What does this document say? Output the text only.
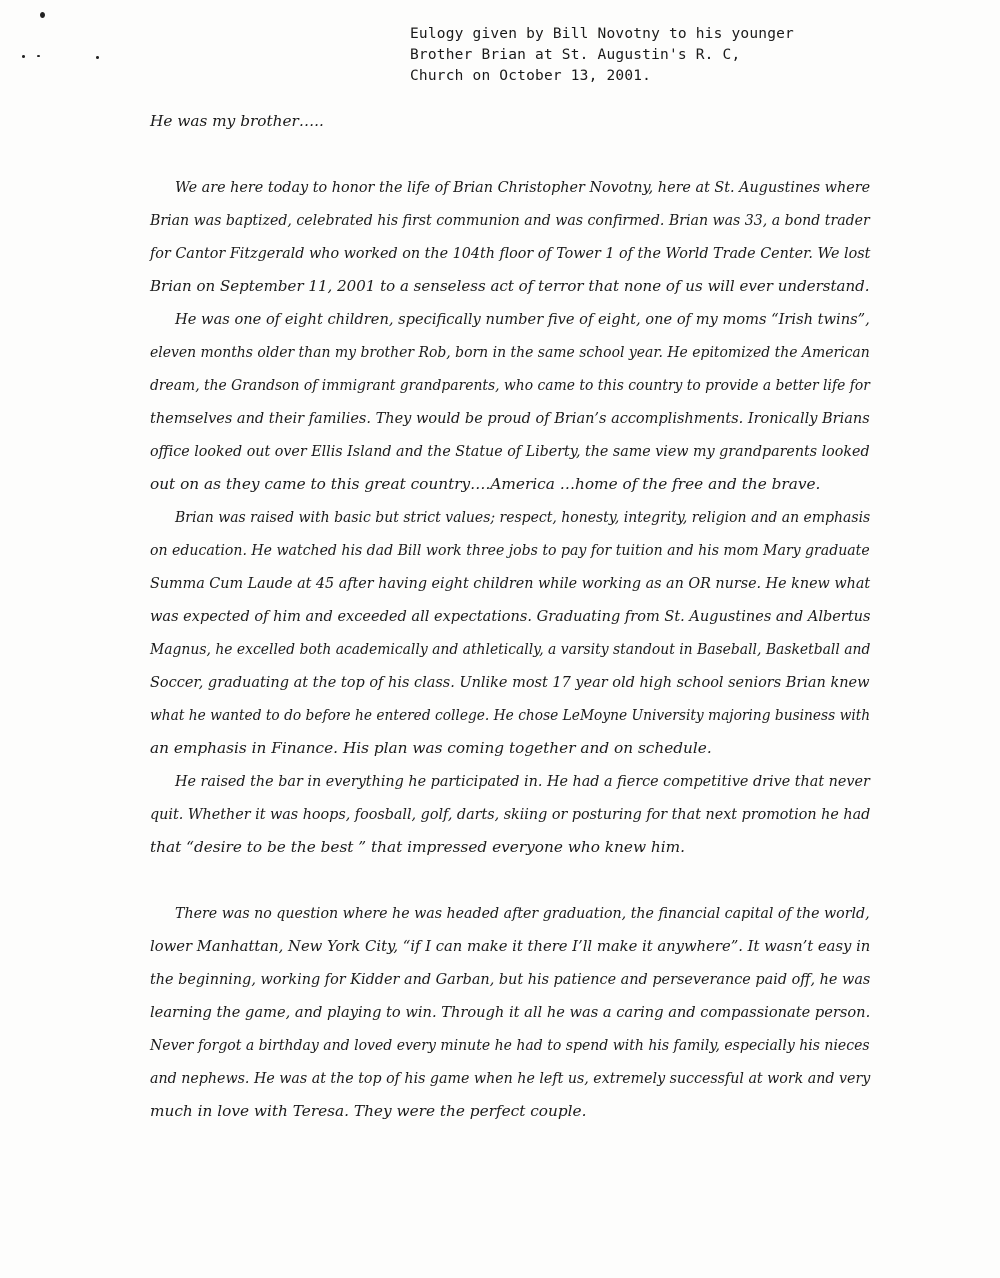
Eulogy given by Bill Novotny to his younger
Brother Brian at St. Augustin's R. C,
Church on October 13, 2001.
He was my brother…..
We are here today to honor the life of Brian Christopher Novotny, here at St. Augustines where
Brian was baptized, celebrated his first communion and was confirmed. Brian was 33, a bond trader
for Cantor Fitzgerald who worked on the 104th floor of Tower 1 of the World Trade Center. We lost
Brian on September 11, 2001 to a senseless act of terror that none of us will ever understand.
He was one of eight children, specifically number five of eight, one of my moms “Irish twins”,
eleven months older than my brother Rob, born in the same school year. He epitomized the American
dream, the Grandson of immigrant grandparents, who came to this country to provide a better life for
themselves and their families. They would be proud of Brian’s accomplishments. Ironically Brians
office looked out over Ellis Island and the Statue of Liberty, the same view my grandparents looked
out on as they came to this great country….America …home of the free and the brave.
Brian was raised with basic but strict values; respect, honesty, integrity, religion and an emphasis
on education. He watched his dad Bill work three jobs to pay for tuition and his mom Mary graduate
Summa Cum Laude at 45 after having eight children while working as an OR nurse. He knew what
was expected of him and exceeded all expectations. Graduating from St. Augustines and Albertus
Magnus, he excelled both academically and athletically, a varsity standout in Baseball, Basketball and
Soccer, graduating at the top of his class. Unlike most 17 year old high school seniors Brian knew
what he wanted to do before he entered college. He chose LeMoyne University majoring business with
an emphasis in Finance. His plan was coming together and on schedule.
He raised the bar in everything he participated in. He had a fierce competitive drive that never
quit. Whether it was hoops, foosball, golf, darts, skiing or posturing for that next promotion he had
that “desire to be the best ” that impressed everyone who knew him.
There was no question where he was headed after graduation, the financial capital of the world,
lower Manhattan, New York City, “if I can make it there I’ll make it anywhere”. It wasn’t easy in
the beginning, working for Kidder and Garban, but his patience and perseverance paid off, he was
learning the game, and playing to win. Through it all he was a caring and compassionate person.
Never forgot a birthday and loved every minute he had to spend with his family, especially his nieces
and nephews. He was at the top of his game when he left us, extremely successful at work and very
much in love with Teresa. They were the perfect couple.
